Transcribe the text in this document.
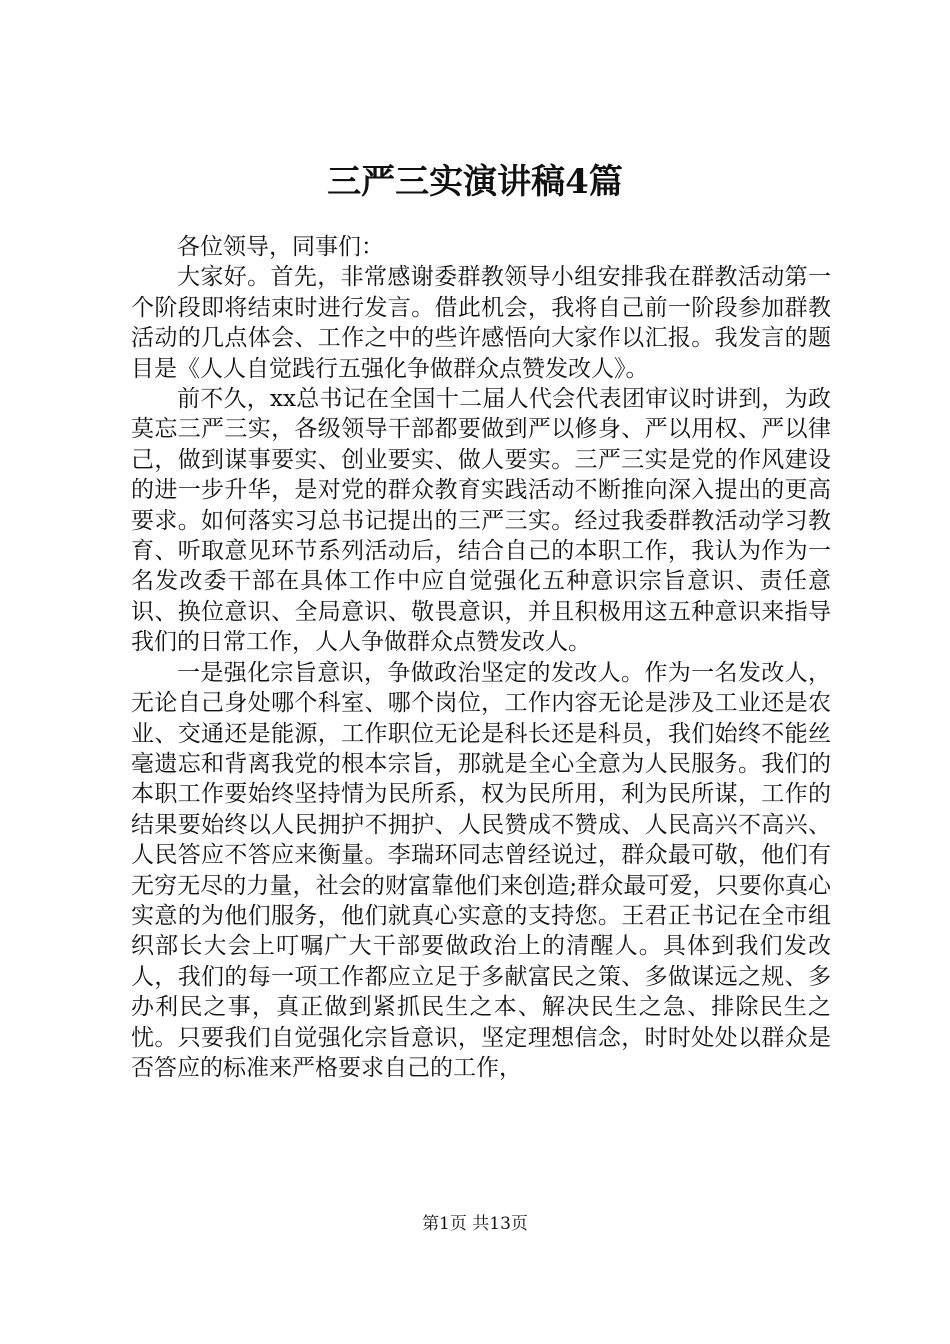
三严三实演讲稿4篇

各位领导，同事们：

大家好。首先，非常感谢委群教领导小组安排我在群教活动第一个阶段即将结束时进行发言。借此机会，我将自己前一阶段参加群教活动的几点体会、工作之中的些许感悟向大家作以汇报。我发言的题目是《人人自觉践行五强化争做群众点赞发改人》。

前不久，xx总书记在全国十二届人代会代表团审议时讲到，为政莫忘三严三实，各级领导干部都要做到严以修身、严以用权、严以律己，做到谋事要实、创业要实、做人要实。三严三实是党的作风建设的进一步升华，是对党的群众教育实践活动不断推向深入提出的更高要求。如何落实习总书记提出的三严三实。经过我委群教活动学习教育、听取意见环节系列活动后，结合自己的本职工作，我认为作为一名发改委干部在具体工作中应自觉强化五种意识宗旨意识、责任意识、换位意识、全局意识、敬畏意识，并且积极用这五种意识来指导我们的日常工作，人人争做群众点赞发改人。

一是强化宗旨意识，争做政治坚定的发改人。作为一名发改人，无论自己身处哪个科室、哪个岗位，工作内容无论是涉及工业还是农业、交通还是能源，工作职位无论是科长还是科员，我们始终不能丝毫遗忘和背离我党的根本宗旨，那就是全心全意为人民服务。我们的本职工作要始终坚持情为民所系，权为民所用，利为民所谋，工作的结果要始终以人民拥护不拥护、人民赞成不赞成、人民高兴不高兴、人民答应不答应来衡量。李瑞环同志曾经说过，群众最可敬，他们有无穷无尽的力量，社会的财富靠他们来创造;群众最可爱，只要你真心实意的为他们服务，他们就真心实意的支持您。王君正书记在全市组织部长大会上叮嘱广大干部要做政治上的清醒人。具体到我们发改人，我们的每一项工作都应立足于多献富民之策、多做谋远之规、多办利民之事，真正做到紧抓民生之本、解决民生之急、排除民生之忧。只要我们自觉强化宗旨意识，坚定理想信念，时时处处以群众是否答应的标准来严格要求自己的工作，

第1页 共13页
